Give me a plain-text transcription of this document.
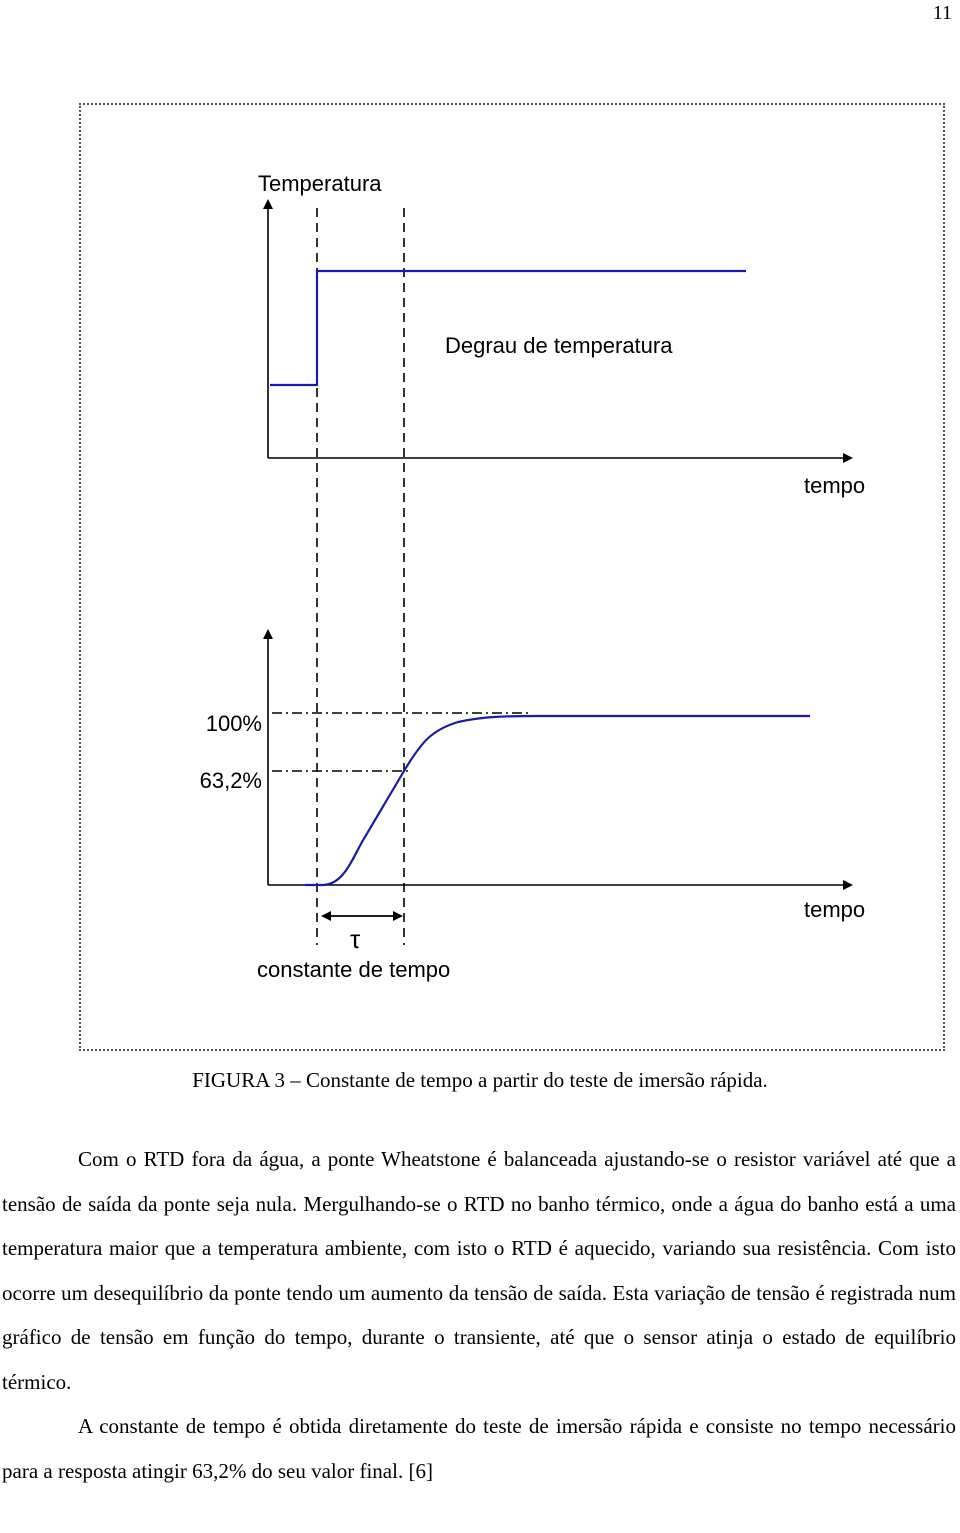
11
Temperatura
Degrau de temperatura
tempo
100%
63,2%
tempo
τ
constante de tempo
FIGURA 3 – Constante de tempo a partir do teste de imersão rápida.

Com o RTD fora da água, a ponte Wheatstone é balanceada ajustando-se o resistor variável até que a tensão de saída da ponte seja nula. Mergulhando-se o RTD no banho térmico, onde a água do banho está a uma temperatura maior que a temperatura ambiente, com isto o RTD é aquecido, variando sua resistência. Com isto ocorre um desequilíbrio da ponte tendo um aumento da tensão de saída. Esta variação de tensão é registrada num gráfico de tensão em função do tempo, durante o transiente, até que o sensor atinja o estado de equilíbrio térmico.

A constante de tempo é obtida diretamente do teste de imersão rápida e consiste no tempo necessário para a resposta atingir 63,2% do seu valor final. [6]
